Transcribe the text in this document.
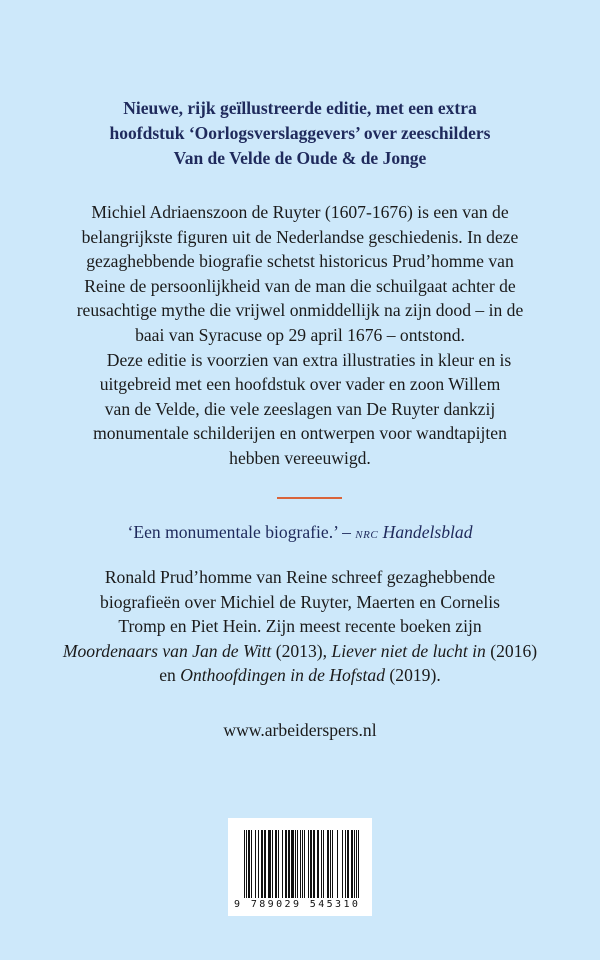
Nieuwe, rijk geïllustreerde editie, met een extra
hoofdstuk ‘Oorlogsverslaggevers’ over zeeschilders
Van de Velde de Oude & de Jonge
Michiel Adriaenszoon de Ruyter (1607-1676) is een van de
belangrijkste figuren uit de Nederlandse geschiedenis. In deze
gezaghebbende biografie schetst historicus Prud’homme van
Reine de persoonlijkheid van de man die schuilgaat achter de
reusachtige mythe die vrijwel onmiddellijk na zijn dood – in de
baai van Syracuse op 29 april 1676 – ontstond.
Deze editie is voorzien van extra illustraties in kleur en is
uitgebreid met een hoofdstuk over vader en zoon Willem
van de Velde, die vele zeeslagen van De Ruyter dankzij
monumentale schilderijen en ontwerpen voor wandtapijten
hebben vereeuwigd.
‘Een monumentale biografie.’ – nrc Handelsblad
Ronald Prud’homme van Reine schreef gezaghebbende
biografieën over Michiel de Ruyter, Maerten en Cornelis
Tromp en Piet Hein. Zijn meest recente boeken zijn
Moordenaars van Jan de Witt (2013), Liever niet de lucht in (2016)
en Onthoofdingen in de Hofstad (2019).
www.arbeiderspers.nl
9 789029 545310
